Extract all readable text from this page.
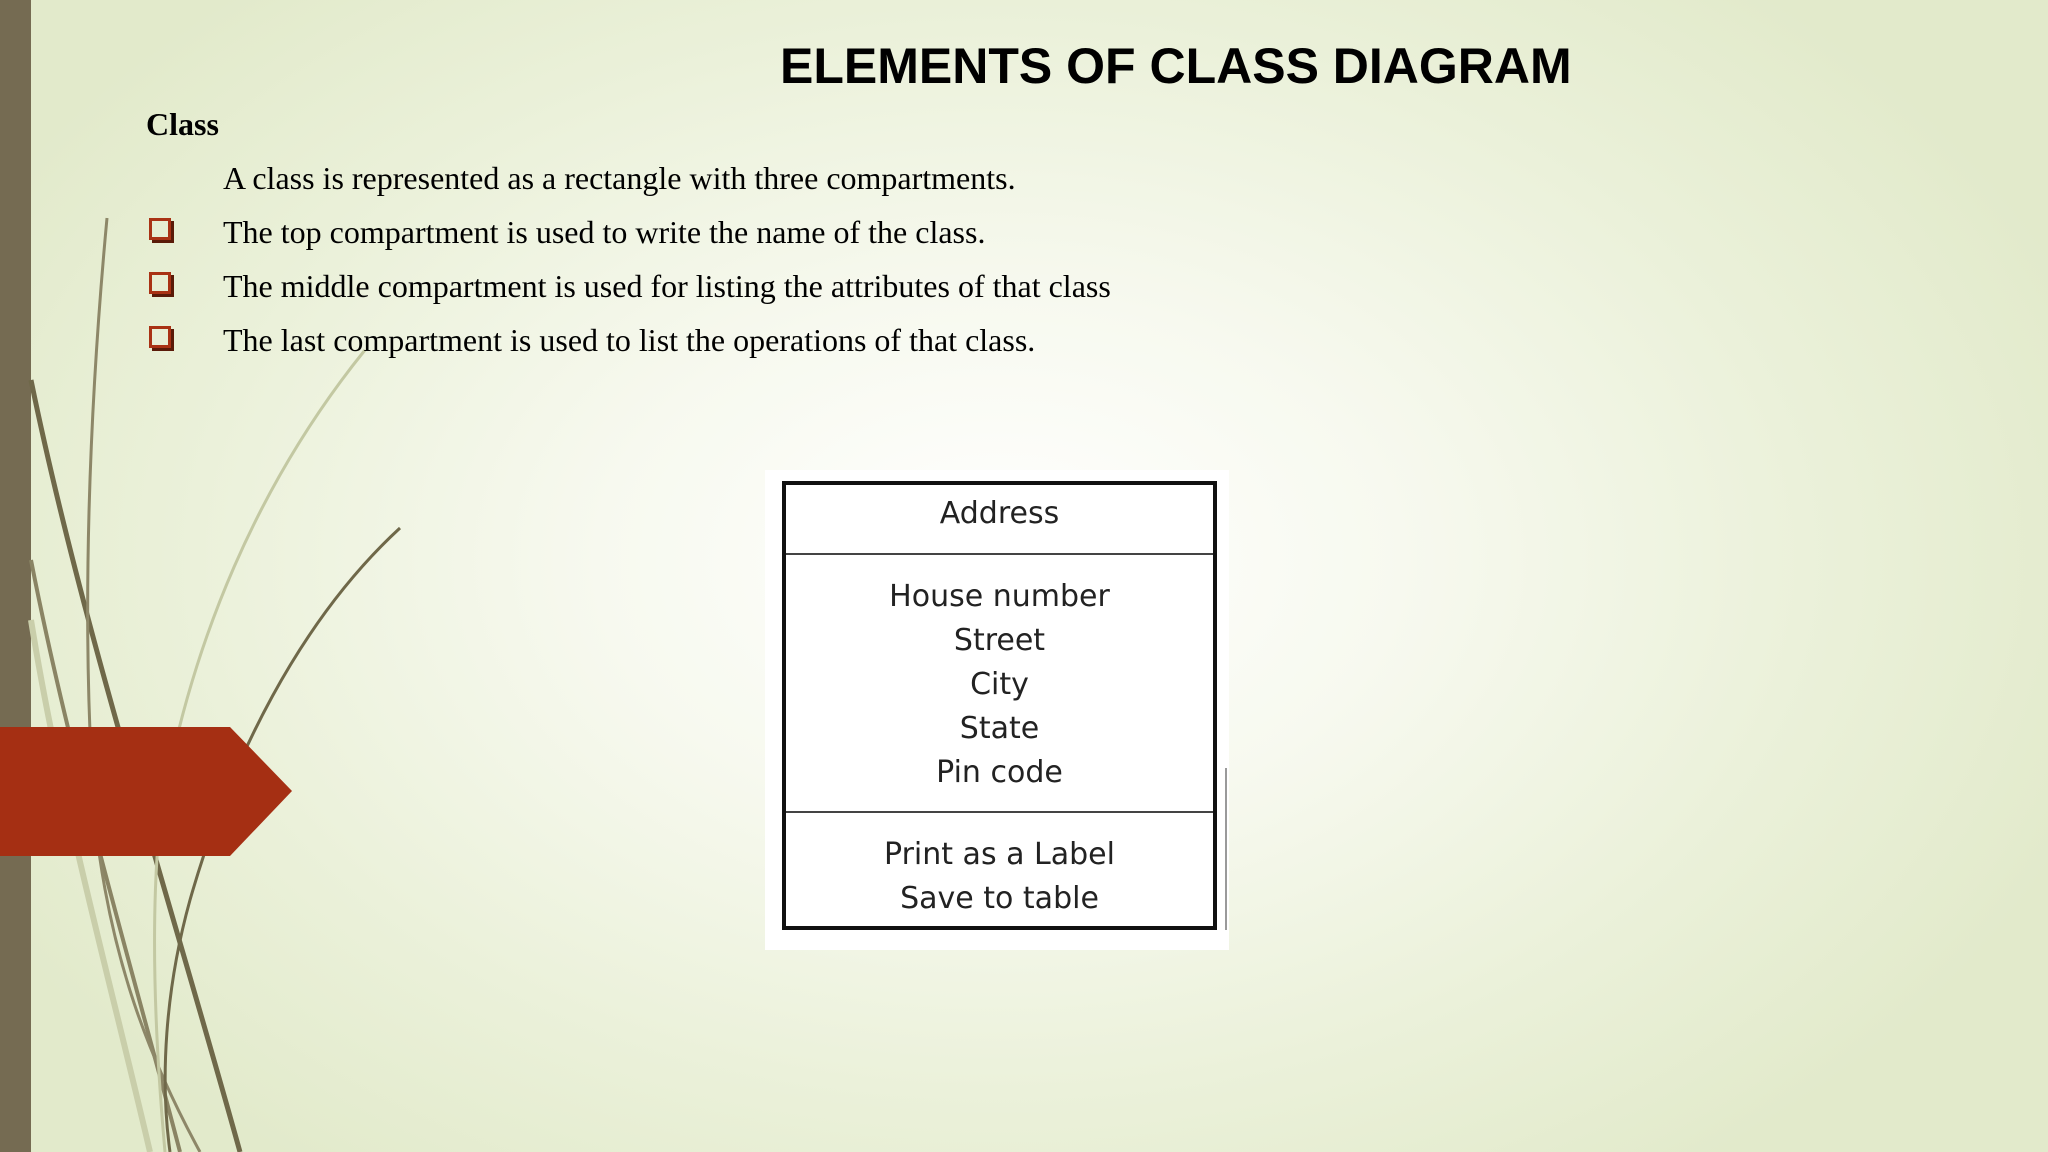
ELEMENTS OF CLASS DIAGRAM
Class
A class is represented as a rectangle with three compartments.
The top compartment is used to write the name of the class.
The middle compartment is used for listing the attributes of that class
The last compartment is used to list the operations of that class.
Address
House number
Street
City
State
Pin code
Print as a Label
Save to table
